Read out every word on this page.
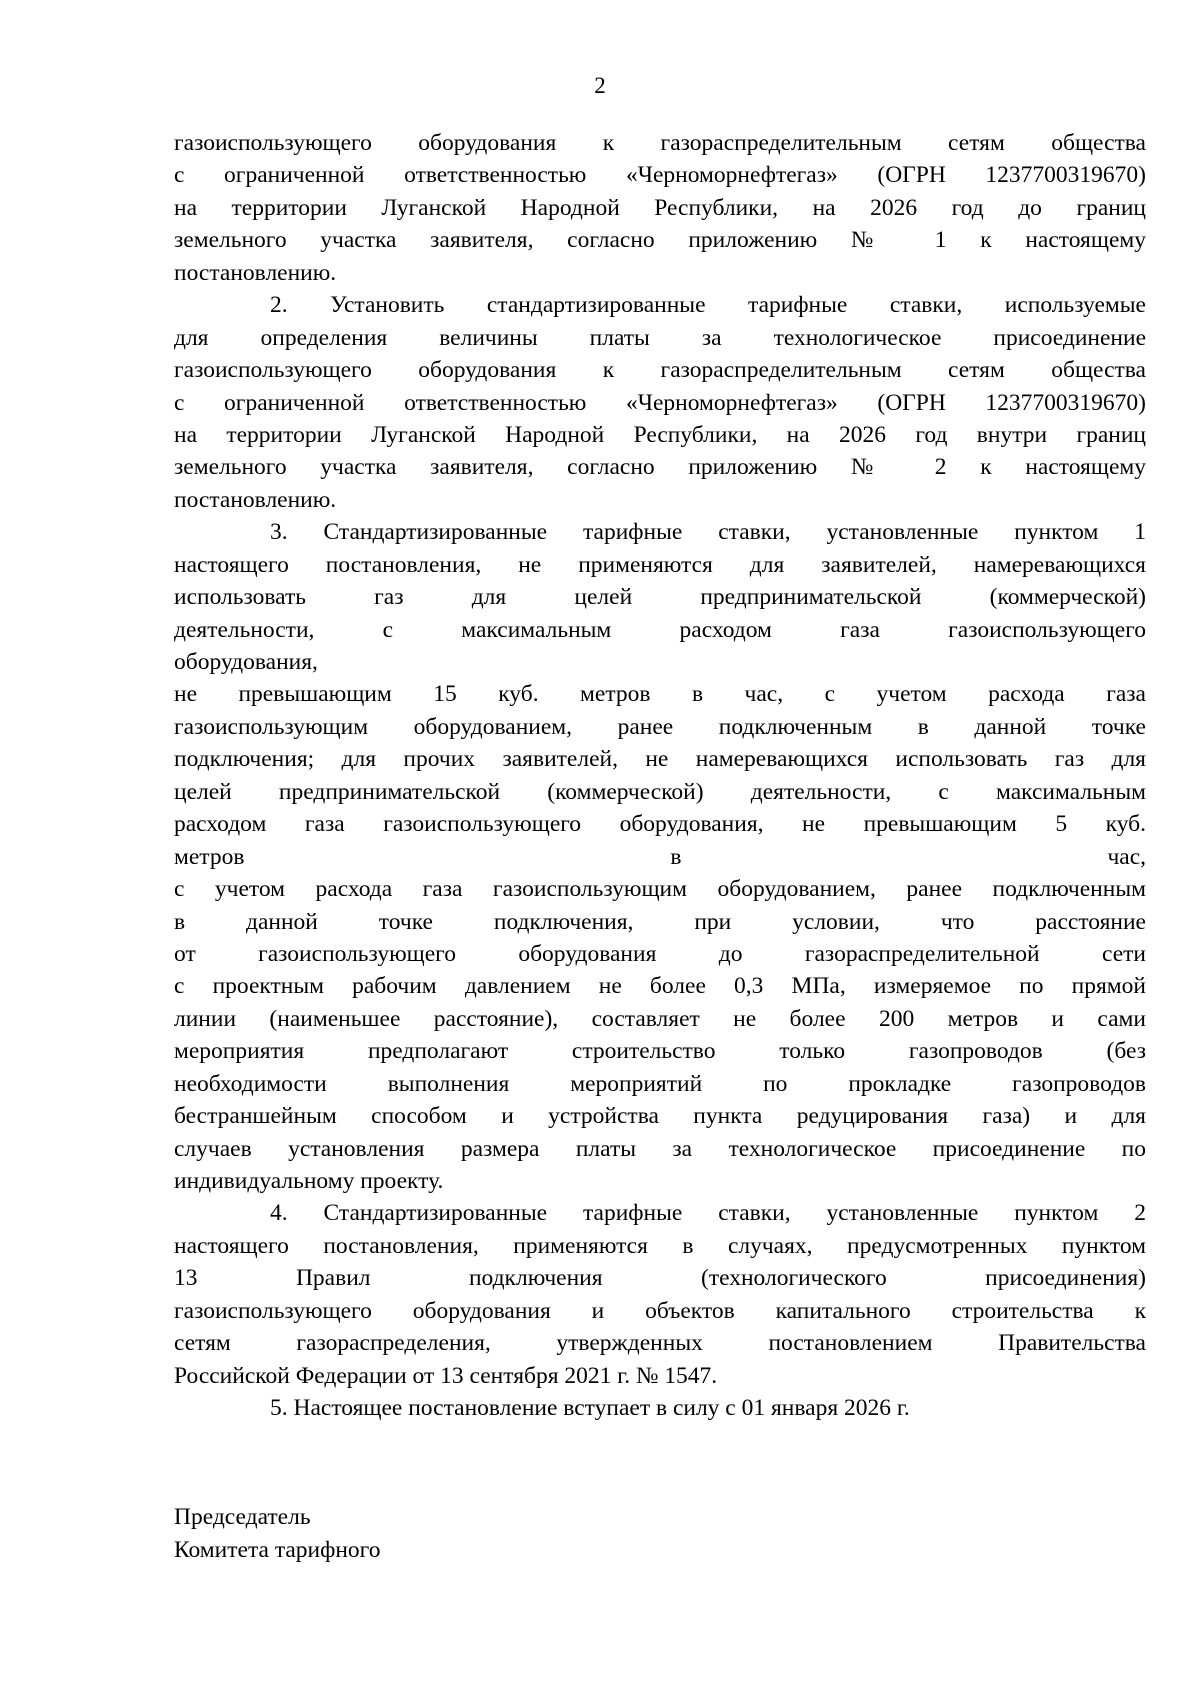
2
газоиспользующего оборудования к газораспределительным сетям общества
с ограниченной ответственностью «Черноморнефтегаз» (ОГРН 1237700319670)
на территории Луганской Народной Республики, на 2026 год до границ
земельного участка заявителя, согласно приложению № 1 к настоящему
постановлению.
2. Установить стандартизированные тарифные ставки, используемые
для определения величины платы за технологическое присоединение
газоиспользующего оборудования к газораспределительным сетям общества
с ограниченной ответственностью «Черноморнефтегаз» (ОГРН 1237700319670)
на территории Луганской Народной Республики, на 2026 год внутри границ
земельного участка заявителя, согласно приложению № 2 к настоящему
постановлению.
3. Стандартизированные тарифные ставки, установленные пунктом 1
настоящего постановления, не применяются для заявителей, намеревающихся
использовать газ для целей предпринимательской (коммерческой)
деятельности, с максимальным расходом газа газоиспользующего
оборудования,
не превышающим 15 куб. метров в час, с учетом расхода газа
газоиспользующим оборудованием, ранее подключенным в данной точке
подключения; для прочих заявителей, не намеревающихся использовать газ для
целей предпринимательской (коммерческой) деятельности, с максимальным
расходом газа газоиспользующего оборудования, не превышающим 5 куб.
метров в час,
с учетом расхода газа газоиспользующим оборудованием, ранее подключенным
в данной точке подключения, при условии, что расстояние
от газоиспользующего оборудования до газораспределительной сети
с проектным рабочим давлением не более 0,3 МПа, измеряемое по прямой
линии (наименьшее расстояние), составляет не более 200 метров и сами
мероприятия предполагают строительство только газопроводов (без
необходимости выполнения мероприятий по прокладке газопроводов
бестраншейным способом и устройства пункта редуцирования газа) и для
случаев установления размера платы за технологическое присоединение по
индивидуальному проекту.
4. Стандартизированные тарифные ставки, установленные пунктом 2
настоящего постановления, применяются в случаях, предусмотренных пунктом
13 Правил подключения (технологического присоединения)
газоиспользующего оборудования и объектов капитального строительства к
сетям газораспределения, утвержденных постановлением Правительства
Российской Федерации от 13 сентября 2021 г. № 1547.
5. Настоящее постановление вступает в силу с 01 января 2026 г.
Председатель
Комитета тарифного
